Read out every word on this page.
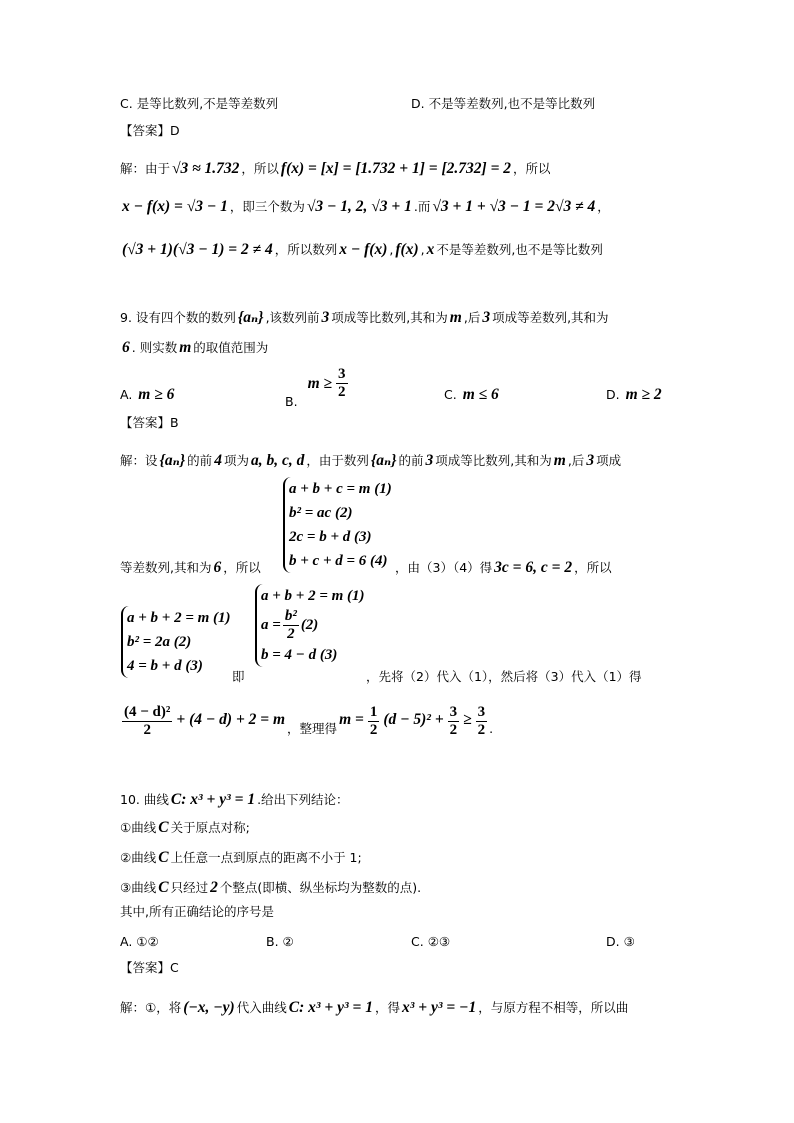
C. 是等比数列,不是等差数列	D. 不是等差数列,也不是等比数列
【答案】D
解：由于 √3 ≈ 1.732 ，所以 f(x) = [x] = [1.732 + 1] = [2.732] = 2 ，所以
x − f(x) = √3 − 1 ，即三个数为 √3 − 1, 2, √3 + 1 .而 √3 + 1 + √3 − 1 = 2√3 ≠ 4 ，
(√3 + 1)(√3 − 1) = 2 ≠ 4 ，所以数列 x − f(x) , f(x) , x 不是等差数列,也不是等比数列
9. 设有四个数的数列 {aₙ} ,该数列前 3 项成等比数列,其和为 m ,后 3 项成等差数列,其和为
6 . 则实数 m 的取值范围为
A. m ≥ 6	B.
$m \ge \frac{3}{2}$	C. m ≤ 6	D. m ≥ 2
【答案】B
解：设 {aₙ} 的前 4 项为 a, b, c, d ，由于数列 {aₙ} 的前 3 项成等比数列,其和为 m ,后 3 项成
等差数列,其和为 6 ，所以
a + b + c = m (1)
b² = ac (2)
2c = b + d (3)
b + c + d = 6 (4) ，由（3）（4）得 3c = 6, c = 2 ，所以
a + b + 2 = m (1)
b² = 2a (2)
4 = b + d (3)
即
a + b + 2 = m (1)
$a = \frac{\text{b²}}{2} (2)$
b = 4 − d (3)
，先将（2）代入（1），然后将（3）代入（1）得
$\frac{\text{(4 − d)²}}{2} + (4 - d) + 2 = m$
，整理得
$m = \frac{1}{2} (d - 5)^2 + \frac{3}{2} \ge \frac{3}{2}$ .
10. 曲线 C: x³ + y³ = 1 .给出下列结论：
①曲线 C 关于原点对称;
②曲线 C 上任意一点到原点的距离不小于 1;
③曲线 C 只经过 2 个整点(即横、纵坐标均为整数的点).
其中,所有正确结论的序号是
A. ①②	B. ②	C. ②③	D. ③
【答案】C
解：①，将 (−x, −y) 代入曲线 C: x³ + y³ = 1 ，得 x³ + y³ = −1 ，与原方程不相等，所以曲
